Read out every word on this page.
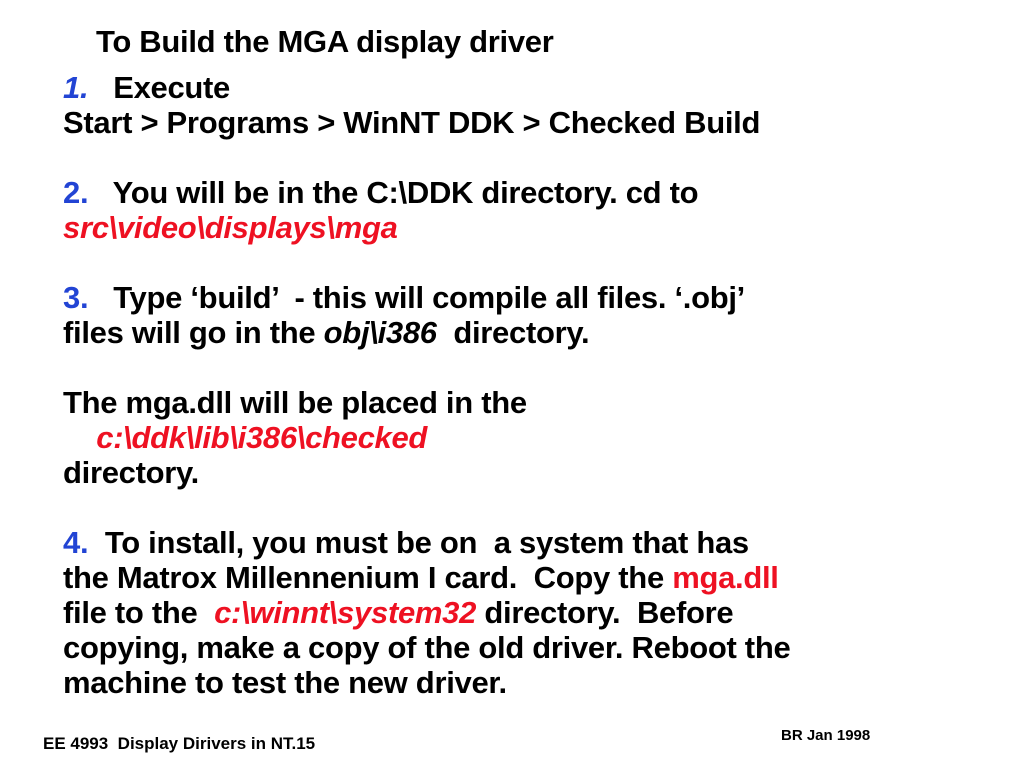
To Build the MGA display driver
1.   Execute
Start > Programs > WinNT DDK > Checked Build

2.   You will be in the C:\DDK directory. cd to
src\video\displays\mga

3.   Type ‘build’  - this will compile all files. ‘.obj’
files will go in the obj\i386  directory.

The mga.dll will be placed in the
c:\ddk\lib\i386\checked
directory.

4.  To install, you must be on  a system that has
the Matrox Millennenium I card.  Copy the mga.dll
file to the  c:\winnt\system32 directory.  Before
copying, make a copy of the old driver. Reboot the
machine to test the new driver.
EE 4993  Display Dirivers in NT.15	BR Jan 1998
